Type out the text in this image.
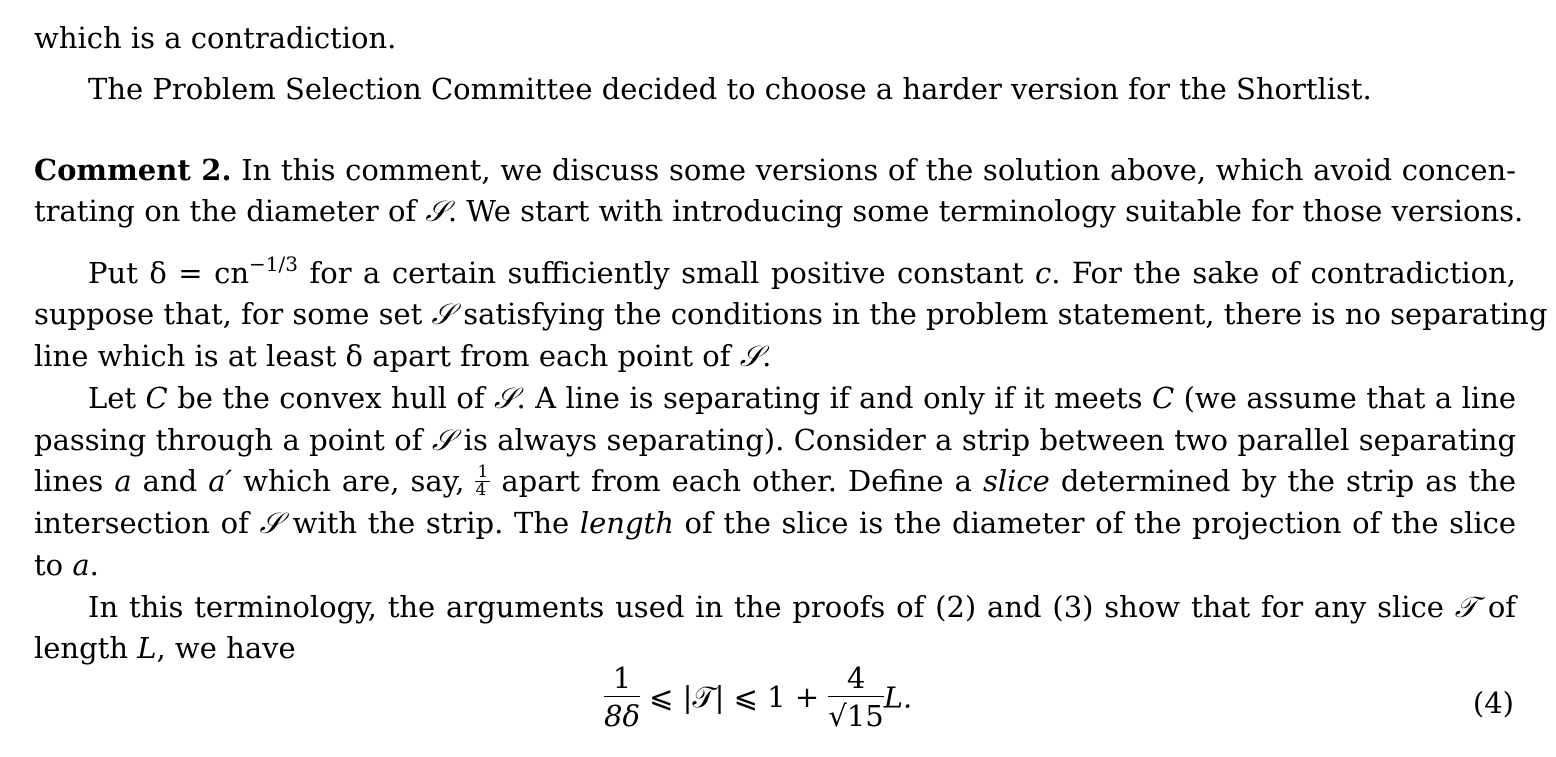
which is a contradiction.
The Problem Selection Committee decided to choose a harder version for the Shortlist.
Comment 2. In this comment, we discuss some versions of the solution above, which avoid concen-
trating on the diameter of 𝒮. We start with introducing some terminology suitable for those versions.
Put $\delta = cn^{-1/3}$ for a certain sufficiently small positive constant c. For the sake of contradiction,
suppose that, for some set 𝒮 satisfying the conditions in the problem statement, there is no separating
line which is at least δ apart from each point of 𝒮.
Let C be the convex hull of 𝒮. A line is separating if and only if it meets C (we assume that a line
passing through a point of 𝒮 is always separating). Consider a strip between two parallel separating
lines a and a′ which are, say, $\frac{1}{4}$ apart from each other. Define a slice determined by the strip as the
intersection of 𝒮 with the strip. The length of the slice is the diameter of the projection of the slice
to a.
In this terminology, the arguments used in the proofs of (2) and (3) show that for any slice 𝒯 of
length L, we have
$\frac{1}{8\delta}$ ⩽ |𝒯| ⩽ $1 + \frac{4}{√15} L$.	(4)
